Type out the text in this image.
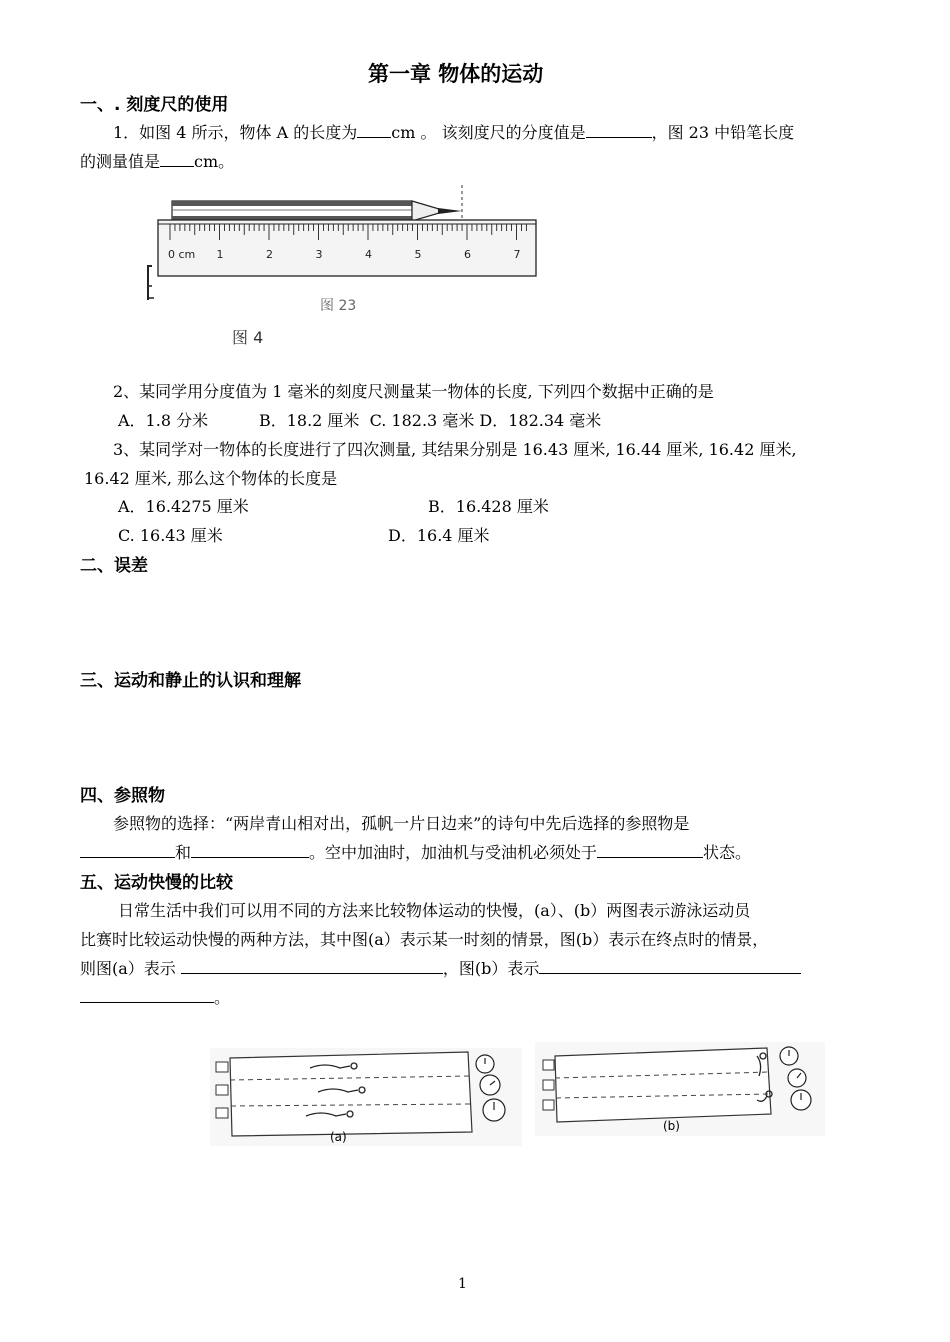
第一章 物体的运动
一、. 刻度尺的使用
1．如图 4 所示，物体 A 的长度为 cm 。 该刻度尺的分度值是	，图 23 中铅笔长度
的测量值是 cm。
0 cm 1	2	3	4	5	6	7
图 23
图 4
2、某同学用分度值为 1 毫米的刻度尺测量某一物体的长度, 下列四个数据中正确的是
A．1.8 分米          B．18.2 厘米  C. 182.3 毫米 D．182.34 毫米
3、某同学对一物体的长度进行了四次测量, 其结果分别是 16.43 厘米, 16.44 厘米, 16.42 厘米,
16.42 厘米, 那么这个物体的长度是
A．16.4275 厘米	B．16.428 厘米
C. 16.43 厘米	D．16.4 厘米
二、误差
三、运动和静止的认识和理解
四、参照物
参照物的选择：“两岸青山相对出，孤帆一片日边来”的诗句中先后选择的参照物是
和	。空中加油时，加油机与受油机必须处于	状态。
五、运动快慢的比较
日常生活中我们可以用不同的方法来比较物体运动的快慢，(a）、(b）两图表示游泳运动员
比赛时比较运动快慢的两种方法，其中图(a）表示某一时刻的情景，图(b）表示在终点时的情景，
则图(a）表示	，图(b）表示
。
(a)
(b)
1
